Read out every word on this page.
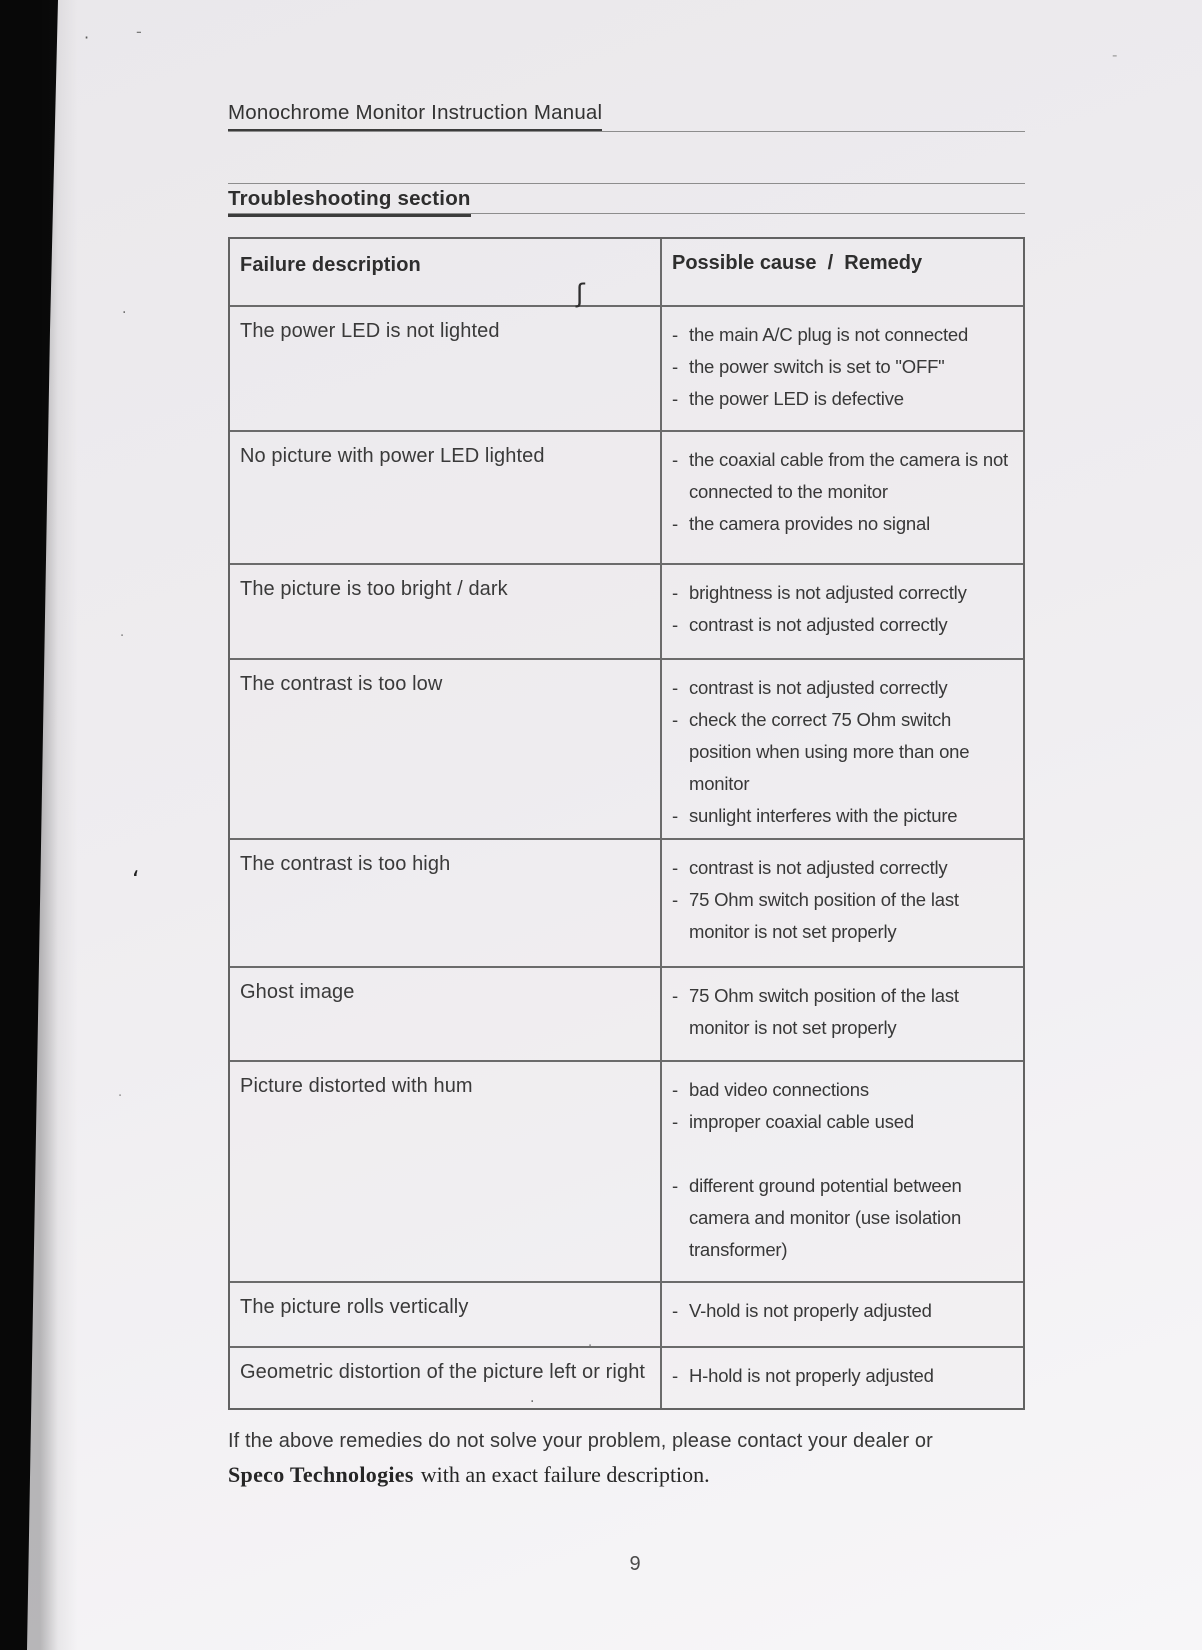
Monochrome Monitor Instruction Manual
Troubleshooting section
Failure description	Possible cause  /  Remedy
The power LED is not lighted	- the main A/C plug is not connected
- the power switch is set to "OFF"
- the power LED is defective
No picture with power LED lighted	- the coaxial cable from the camera is not connected to the monitor
- the camera provides no signal
The picture is too bright / dark	- brightness is not adjusted correctly
- contrast is not adjusted correctly
The contrast is too low	- contrast is not adjusted correctly
- check the correct 75 Ohm switch position when using more than one monitor
- sunlight interferes with the picture
The contrast is too high	- contrast is not adjusted correctly
- 75 Ohm switch position of the last monitor is not set properly
Ghost image	- 75 Ohm switch position of the last monitor is not set properly
Picture distorted with hum	- bad video connections
- improper coaxial cable used
- different ground potential between camera and monitor (use isolation transformer)
The picture rolls vertically	- V-hold is not properly adjusted
Geometric distortion of the picture left or right	- H-hold is not properly adjusted
If the above remedies do not solve your problem, please contact your dealer or
Speco Technologies with an exact failure description.
9
·	-
-
·
ʃ
·
ʻ
·
·
·
